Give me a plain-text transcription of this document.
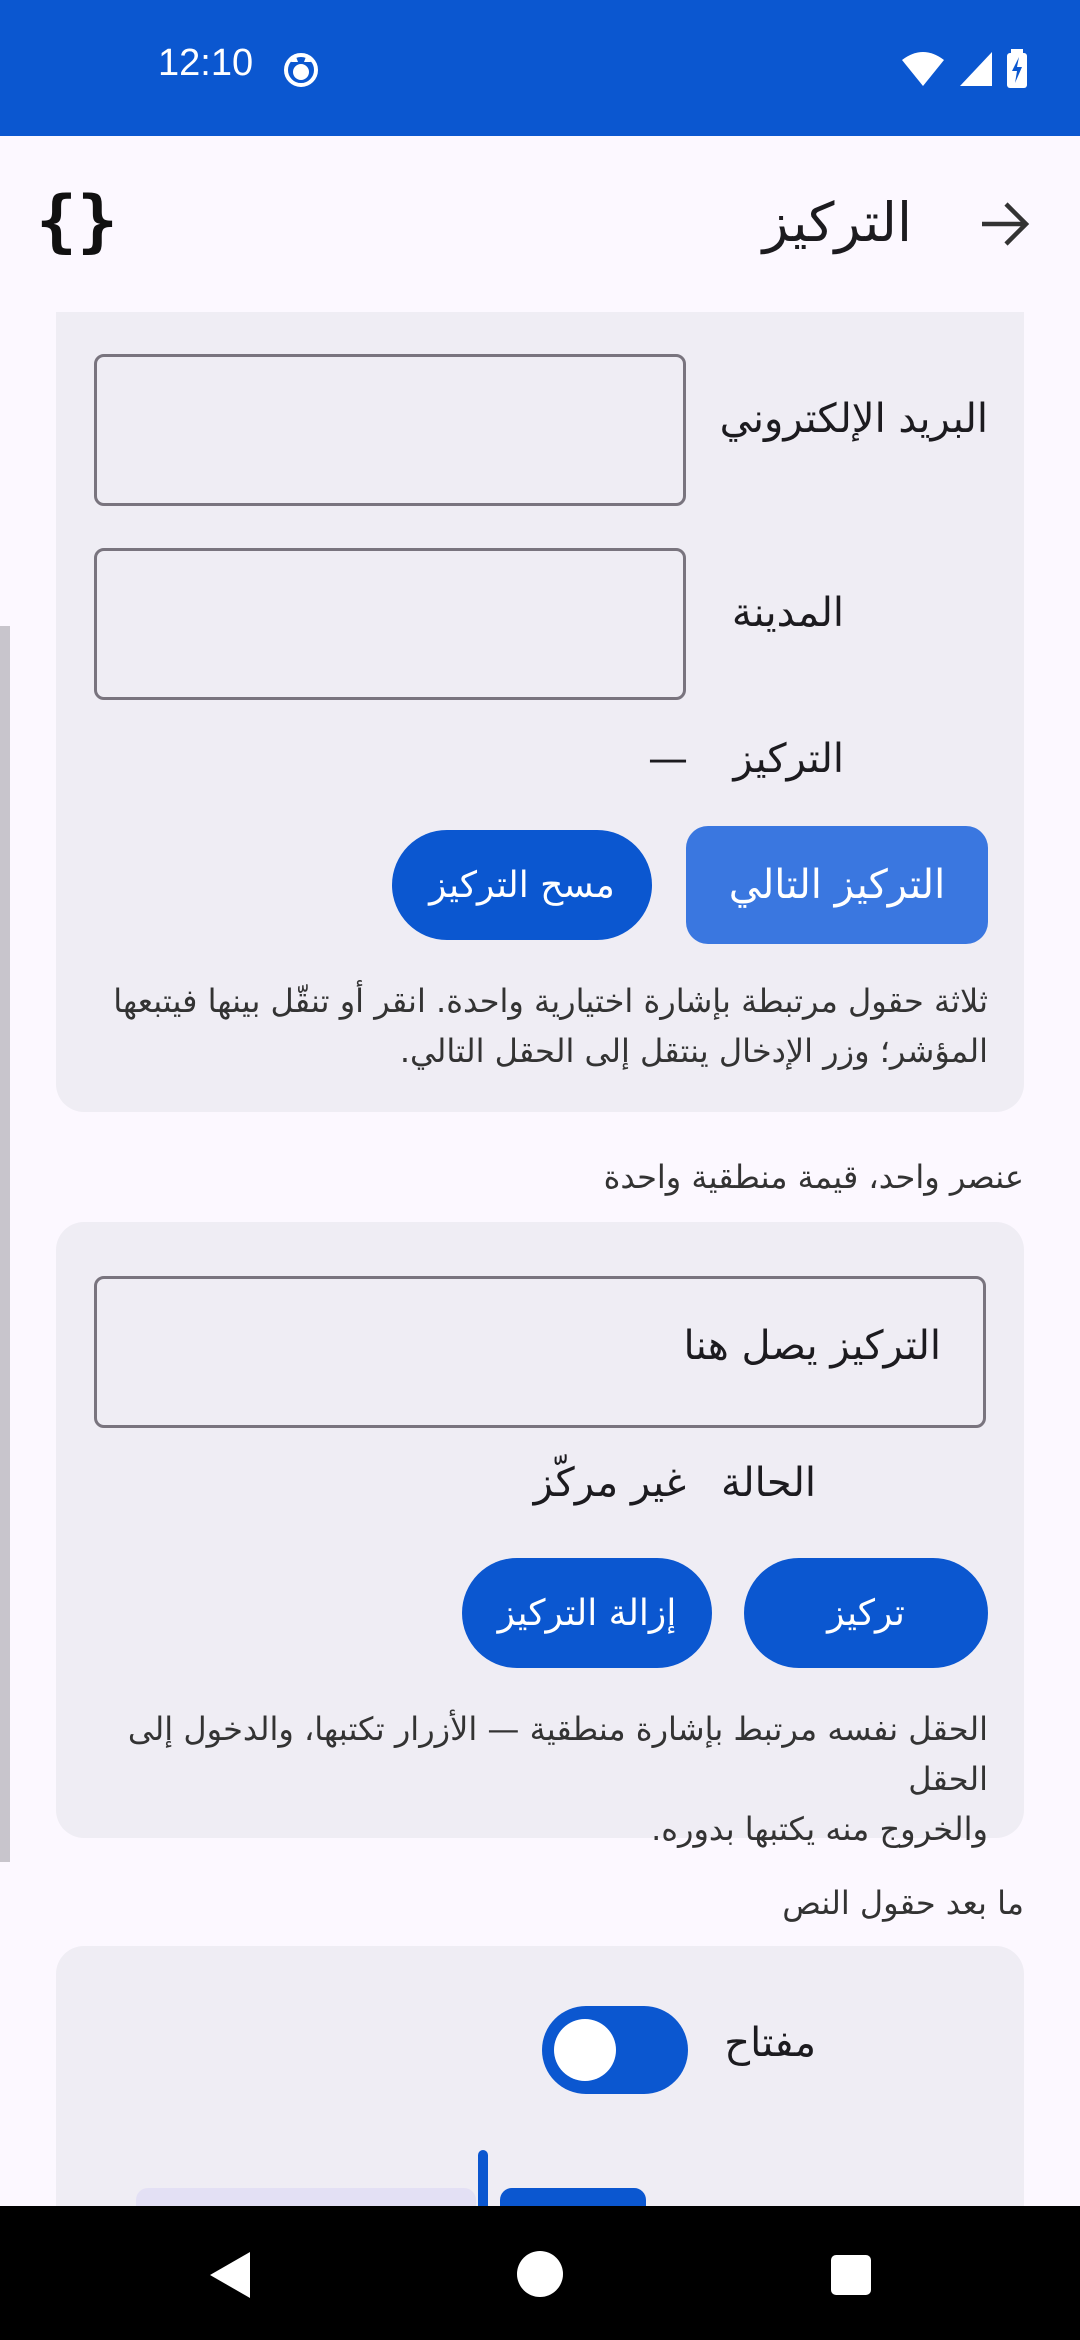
12:10
{}	التركيز
البريد الإلكتروني
المدينة
التركيز
—
التركيز التالي
مسح التركيز
ثلاثة حقول مرتبطة بإشارة اختيارية واحدة. انقر أو تنقّل بينها فيتبعها
المؤشر؛ وزر الإدخال ينتقل إلى الحقل التالي.
عنصر واحد، قيمة منطقية واحدة
التركيز يصل هنا
الحالة
غير مركّز
تركيز
إزالة التركيز
الحقل نفسه مرتبط بإشارة منطقية — الأزرار تكتبها، والدخول إلى الحقل
والخروج منه يكتبها بدوره.
ما بعد حقول النص
مفتاح
